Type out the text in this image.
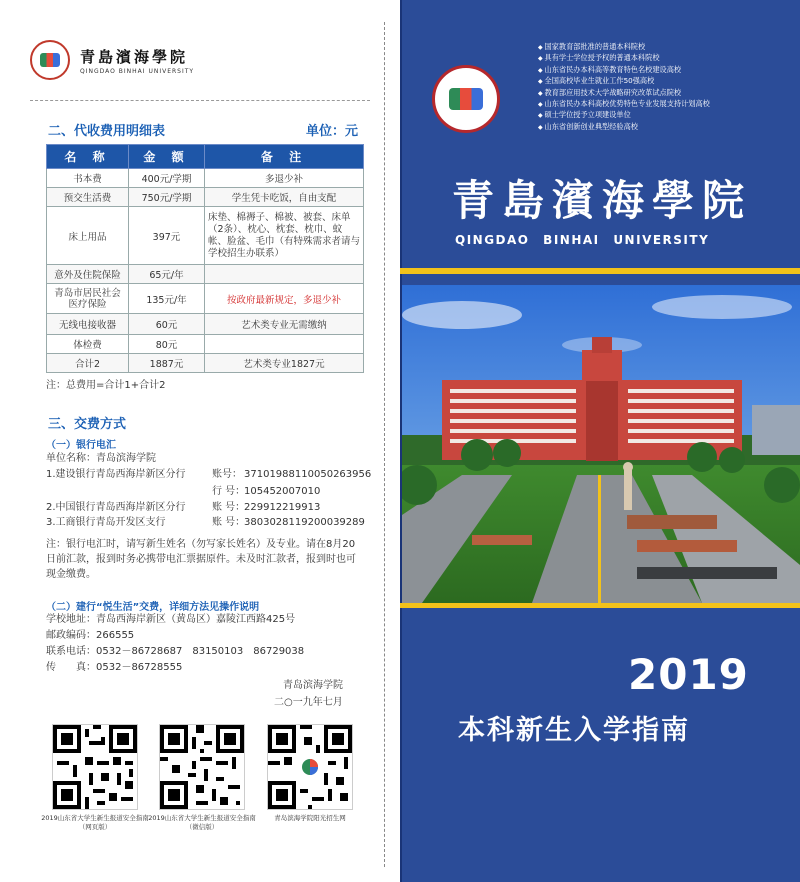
青島濱海學院
QINGDAO BINHAI UNIVERSITY
二、代收费用明细表	单位：元
名 称	金 额	备 注
书本费	400元/学期	多退少补
预交生活费	750元/学期	学生凭卡吃饭，自由支配
床上用品	397元	床垫、棉褥子、棉被、被套、床单（2条）、枕心、枕套、枕巾、蚊帐、脸盆、毛巾（有特殊需求者请与学校招生办联系）
意外及住院保险	65元/年	
青岛市居民社会医疗保险	135元/年	按政府最新规定，多退少补
无线电接收器	60元	艺术类专业无需缴纳
体检费	80元	
合计2	1887元	艺术类专业1827元
注：总费用=合计1+合计2
三、交费方式
（一）银行电汇
单位名称：青岛滨海学院
1.建设银行青岛西海岸新区分行	账号： 37101988110050263956
行 号：
105452007010
2.中国银行青岛西海岸新区分行	账 号：
229912219913
3.工商银行青岛开发区支行	账 号：
3803028119200039289
注：银行电汇时，请写新生姓名（勿写家长姓名）及专业。请在8月20日前汇款，报到时务必携带电汇票据原件。未及时汇款者，报到时也可现金缴费。
（二）建行“悦生活”交费，详细方法见操作说明
学校地址：青岛西海岸新区（黄岛区）嘉陵江西路425号
邮政编码：266555
联系电话：0532－86728687　83150103　86729038
传　　真：0532－86728555
青岛滨海学院
二○一九年七月
2019山东省大学生新生报道安全指南（网页版）
2019山东省大学生新生报道安全指南（微信版）
青岛滨海学院阳光招生网
◆ 国家教育部批准的普通本科院校
◆ 具有学士学位授予权的普通本科院校
◆ 山东省民办本科高等教育特色名校建设高校
◆ 全国高校毕业生就业工作50强高校
◆ 教育部应用技术大学战略研究改革试点院校
◆ 山东省民办本科高校优势特色专业发展支持计划高校
◆ 硕士学位授予立项建设单位
◆ 山东省创新创业典型经验高校
青島濱海學院
QINGDAO BINHAI UNIVERSITY
2019
本科新生入学指南
